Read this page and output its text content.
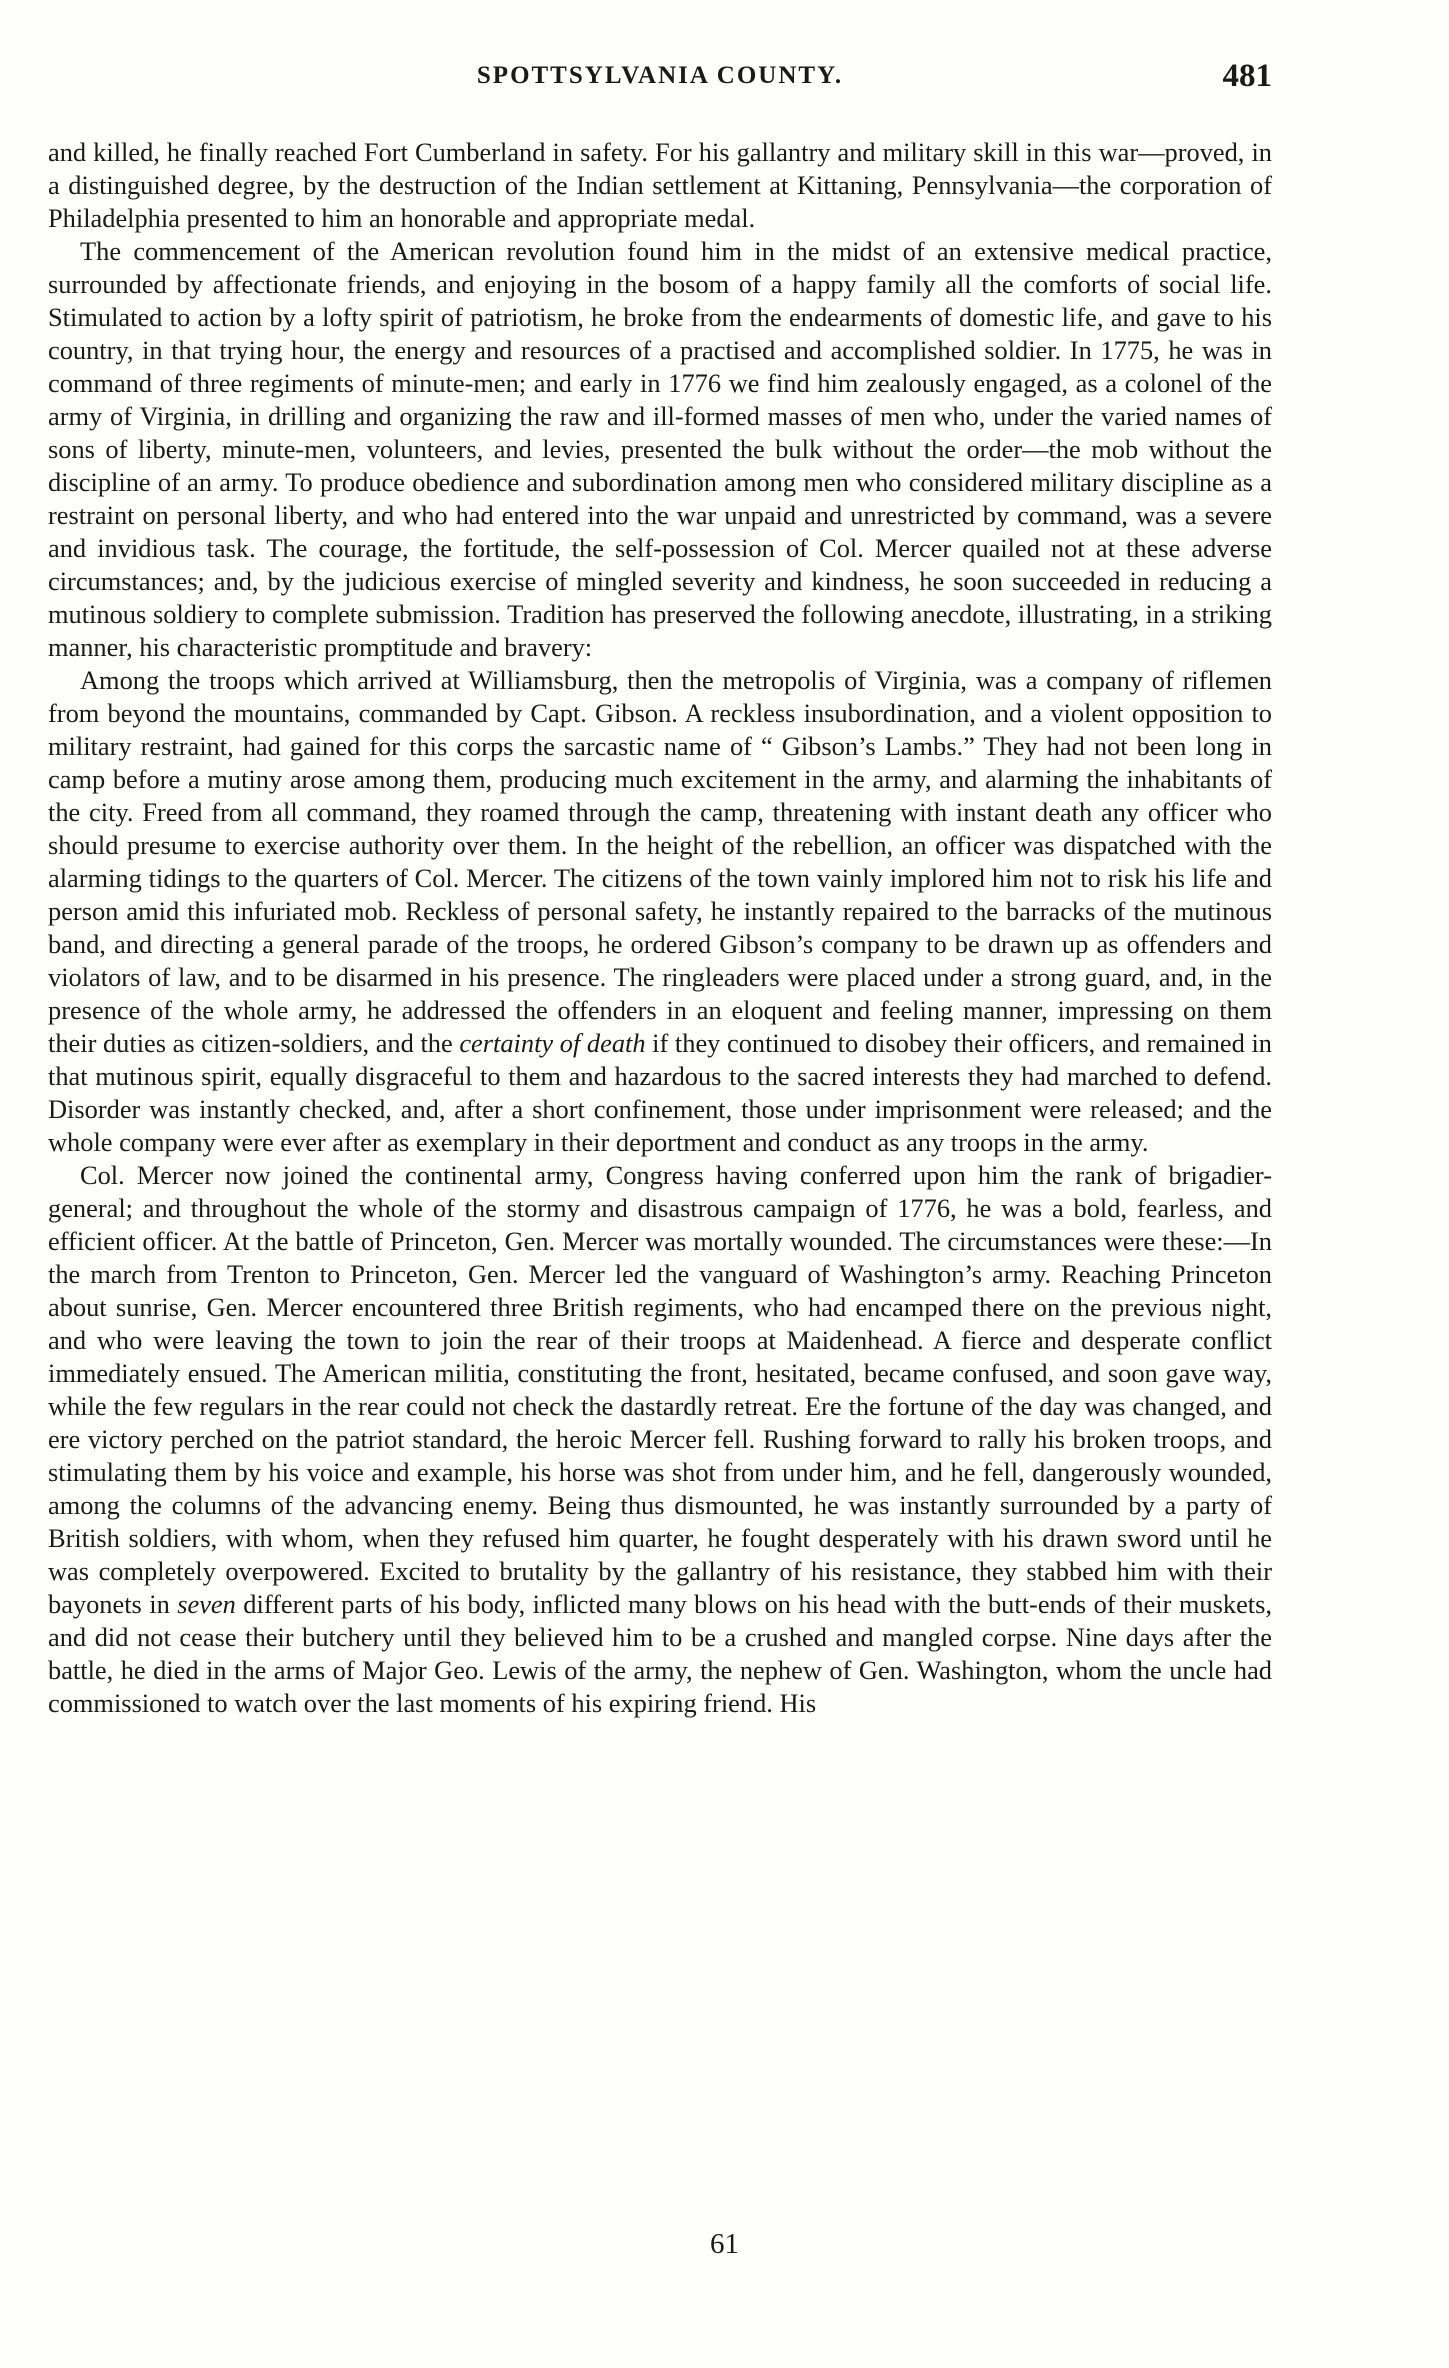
SPOTTSYLVANIA COUNTY.	481

and killed, he finally reached Fort Cumberland in safety. For his gallantry and military skill in this war—proved, in a distinguished degree, by the destruction of the Indian settlement at Kittaning, Pennsylvania—the corporation of Philadelphia presented to him an honorable and appropriate medal.

The commencement of the American revolution found him in the midst of an extensive medical practice, surrounded by affectionate friends, and enjoying in the bosom of a happy family all the comforts of social life. Stimulated to action by a lofty spirit of patriotism, he broke from the endearments of domestic life, and gave to his country, in that trying hour, the energy and resources of a practised and accomplished soldier. In 1775, he was in command of three regiments of minute-men; and early in 1776 we find him zealously engaged, as a colonel of the army of Virginia, in drilling and organizing the raw and ill-formed masses of men who, under the varied names of sons of liberty, minute-men, volunteers, and levies, presented the bulk without the order—the mob without the discipline of an army. To produce obedience and subordination among men who considered military discipline as a restraint on personal liberty, and who had entered into the war unpaid and unrestricted by command, was a severe and invidious task. The courage, the fortitude, the self-possession of Col. Mercer quailed not at these adverse circumstances; and, by the judicious exercise of mingled severity and kindness, he soon succeeded in reducing a mutinous soldiery to complete submission. Tradition has preserved the following anecdote, illustrating, in a striking manner, his characteristic promptitude and bravery:

Among the troops which arrived at Williamsburg, then the metropolis of Virginia, was a company of riflemen from beyond the mountains, commanded by Capt. Gibson. A reckless insubordination, and a violent opposition to military restraint, had gained for this corps the sarcastic name of “ Gibson’s Lambs.” They had not been long in camp before a mutiny arose among them, producing much excitement in the army, and alarming the inhabitants of the city. Freed from all command, they roamed through the camp, threatening with instant death any officer who should presume to exercise authority over them. In the height of the rebellion, an officer was dispatched with the alarming tidings to the quarters of Col. Mercer. The citizens of the town vainly implored him not to risk his life and person amid this infuriated mob. Reckless of personal safety, he instantly repaired to the barracks of the mutinous band, and directing a general parade of the troops, he ordered Gibson’s company to be drawn up as offenders and violators of law, and to be disarmed in his presence. The ringleaders were placed under a strong guard, and, in the presence of the whole army, he addressed the offenders in an eloquent and feeling manner, impressing on them their duties as citizen-soldiers, and the certainty of death if they continued to disobey their officers, and remained in that mutinous spirit, equally disgraceful to them and hazardous to the sacred interests they had marched to defend. Disorder was instantly checked, and, after a short confinement, those under imprisonment were released; and the whole company were ever after as exemplary in their deportment and conduct as any troops in the army.

Col. Mercer now joined the continental army, Congress having conferred upon him the rank of brigadier-general; and throughout the whole of the stormy and disastrous campaign of 1776, he was a bold, fearless, and efficient officer. At the battle of Princeton, Gen. Mercer was mortally wounded. The circumstances were these:—In the march from Trenton to Princeton, Gen. Mercer led the vanguard of Washington’s army. Reaching Princeton about sunrise, Gen. Mercer encountered three British regiments, who had encamped there on the previous night, and who were leaving the town to join the rear of their troops at Maidenhead. A fierce and desperate conflict immediately ensued. The American militia, constituting the front, hesitated, became confused, and soon gave way, while the few regulars in the rear could not check the dastardly retreat. Ere the fortune of the day was changed, and ere victory perched on the patriot standard, the heroic Mercer fell. Rushing forward to rally his broken troops, and stimulating them by his voice and example, his horse was shot from under him, and he fell, dangerously wounded, among the columns of the advancing enemy. Being thus dismounted, he was instantly surrounded by a party of British soldiers, with whom, when they refused him quarter, he fought desperately with his drawn sword until he was completely overpowered. Excited to brutality by the gallantry of his resistance, they stabbed him with their bayonets in seven different parts of his body, inflicted many blows on his head with the butt-ends of their muskets, and did not cease their butchery until they believed him to be a crushed and mangled corpse. Nine days after the battle, he died in the arms of Major Geo. Lewis of the army, the nephew of Gen. Washington, whom the uncle had commissioned to watch over the last moments of his expiring friend. His

61
